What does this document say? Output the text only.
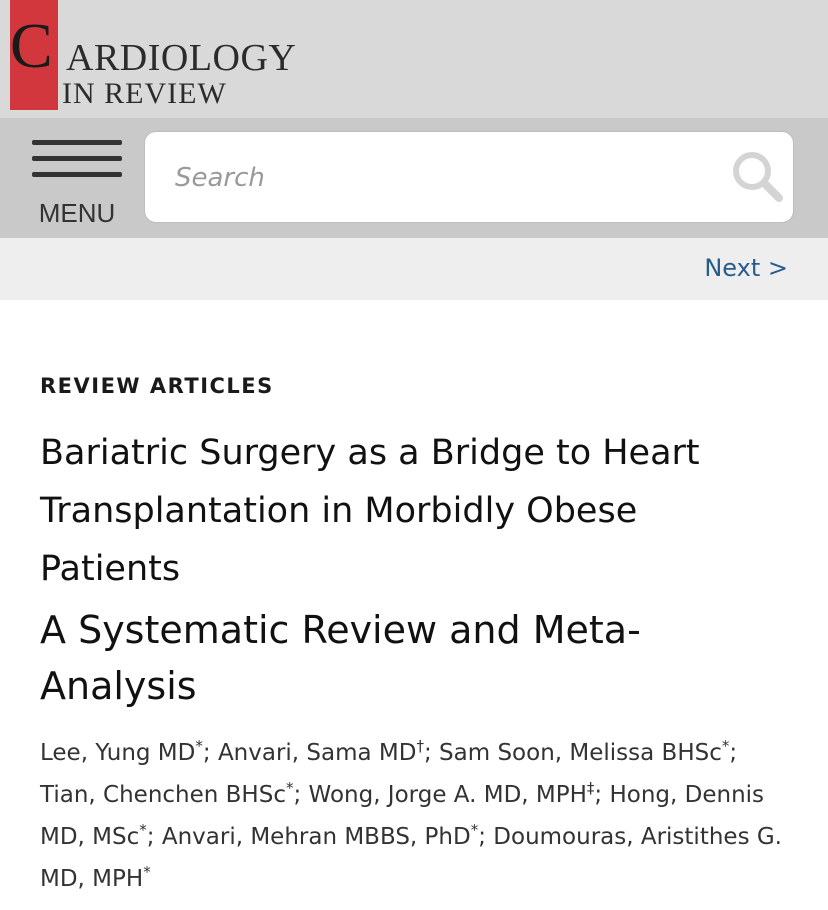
C ARDIOLOGY
IN REVIEW
MENU
Search
Next >
REVIEW ARTICLES
Bariatric Surgery as a Bridge to Heart Transplantation in Morbidly Obese Patients
A Systematic Review and Meta-Analysis

Lee, Yung MD*; Anvari, Sama MD†; Sam Soon, Melissa BHSc*; Tian, Chenchen BHSc*; Wong, Jorge A. MD, MPH‡; Hong, Dennis MD, MSc*; Anvari, Mehran MBBS, PhD*; Doumouras, Aristithes G. MD, MPH*
